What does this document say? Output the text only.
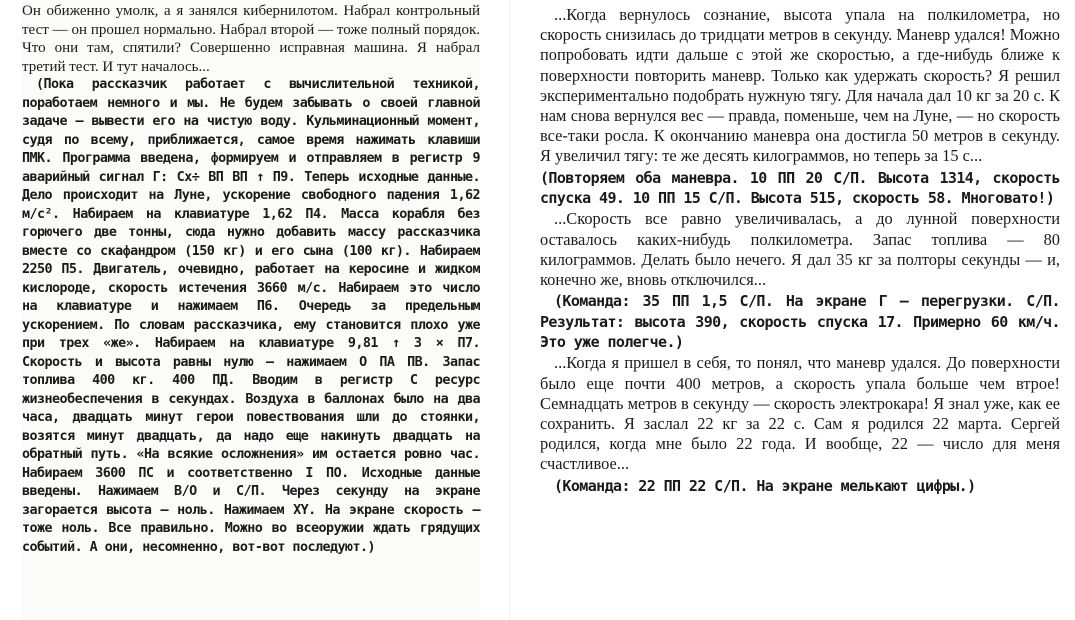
Он обиженно умолк, а я занялся кибернилотом. Набрал контрольный тест — он прошел нормально. Набрал второй — тоже полный порядок. Что они там, спятили? Совершенно исправная машина. Я набрал третий тест. И тут началось...

(Пока рассказчик работает с вычислительной техникой, поработаем немного и мы. Не будем забывать о своей главной задаче — вывести его на чистую воду. Кульминационный момент, судя по всему, приближается, самое время нажимать клавиши ПМК. Программа введена, формируем и отправляем в регистр 9 аварийный сигнал Г: Cx÷ ВП ВП ↑ П9. Теперь исходные данные. Дело происходит на Луне, ускорение свободного падения 1,62 м/с². Набираем на клавиатуре 1,62 П4. Масса корабля без горючего две тонны, сюда нужно добавить массу рассказчика вместе со скафандром (150 кг) и его сына (100 кг). Набираем 2250 П5. Двигатель, очевидно, работает на керосине и жидком кислороде, скорость истечения 3660 м/с. Набираем это число на клавиатуре и нажимаем П6. Очередь за предельным ускорением. По словам рассказчика, ему становится плохо уже при трех «же». Набираем на клавиатуре 9,81 ↑ 3 × П7. Скорость и высота равны нулю — нажимаем О ПА ПВ. Запас топлива 400 кг. 400 ПД. Вводим в регистр С ресурс жизнеобеспечения в секундах. Воздуха в баллонах было на два часа, двадцать минут герои повествования шли до стоянки, возятся минут двадцать, да надо еще накинуть двадцать на обратный путь. «На всякие осложнения» им остается ровно час. Набираем 3600 ПС и соответственно I ПО. Исходные данные введены. Нажимаем В/О и С/П. Через секунду на экране загорается высота — ноль. Нажимаем XY. На экране скорость — тоже ноль. Все правильно. Можно во всеоружии ждать грядущих событий. А они, несомненно, вот-вот последуют.)

...Когда вернулось сознание, высота упала на полкилометра, но скорость снизилась до тридцати метров в секунду. Маневр удался! Можно попробовать идти дальше с этой же скоростью, а где-нибудь ближе к поверхности повторить маневр. Только как удержать скорость? Я решил экспериментально подобрать нужную тягу. Для начала дал 10 кг за 20 с. К нам снова вернулся вес — правда, поменьше, чем на Луне, — но скорость все-таки росла. К окончанию маневра она достигла 50 метров в секунду. Я увеличил тягу: те же десять килограммов, но теперь за 15 с...

(Повторяем оба маневра. 10 ПП 20 С/П. Высота 1314, скорость спуска 49. 10 ПП 15 С/П. Высота 515, скорость 58. Многовато!)

...Скорость все равно увеличивалась, а до лунной поверхности оставалось каких-нибудь полкилометра. Запас топлива — 80 килограммов. Делать было нечего. Я дал 35 кг за полторы секунды — и, конечно же, вновь отключился...

(Команда: 35 ПП 1,5 С/П. На экране Г — перегрузки. С/П. Результат: высота 390, скорость спуска 17. Примерно 60 км/ч. Это уже полегче.)

...Когда я пришел в себя, то понял, что маневр удался. До поверхности было еще почти 400 метров, а скорость упала больше чем втрое! Семнадцать метров в секунду — скорость электрокара! Я знал уже, как ее сохранить. Я заслал 22 кг за 22 с. Сам я родился 22 марта. Сергей родился, когда мне было 22 года. И вообще, 22 — число для меня счастливое...

(Команда: 22 ПП 22 С/П. На экране мелькают цифры.)
